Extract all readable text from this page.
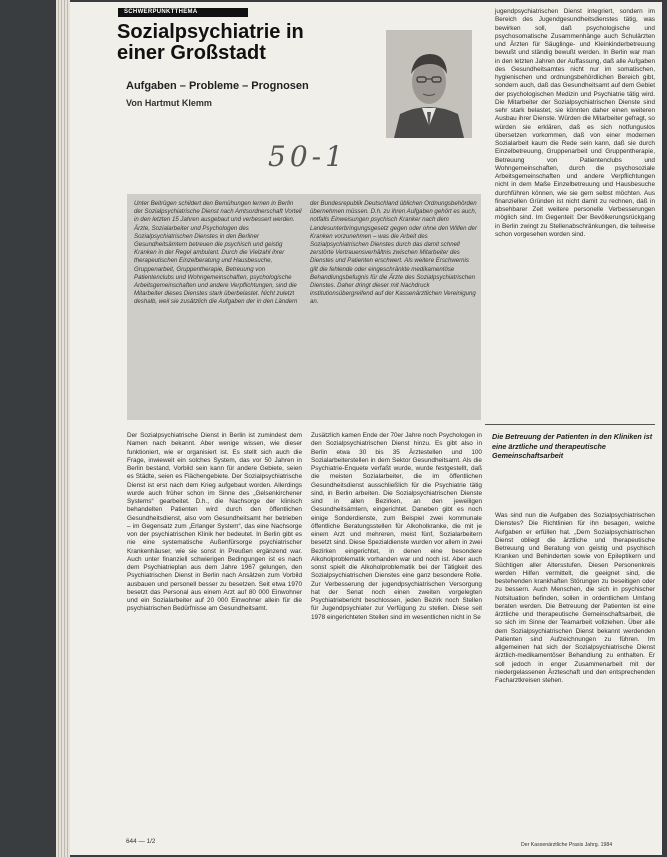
SCHWERPUNKTTHEMA
Sozialpsychiatrie in einer Großstadt

Aufgaben – Probleme – Prognosen

Von Hartmut Klemm

50-1

Unter Beitrügen schildert den Bemühungen lernen in Berlin der Sozialpsychiatrische Dienst nach Amtsordnerschaft Vorteil in den letzten 15 Jahren ausgebaut und verbessert werden. Ärzte, Sozialarbeiter und Psychologen des Sozialpsychiatrischen Dienstes in den Berliner Gesundheitsämtern betreuen die psychisch und geistig Kranken in der Regel ambulant. Durch die Vielzahl ihrer therapeutischen Einzelberatung und Hausbesuche, Gruppenarbeit, Gruppentherapie, Betreuung von Patientenclubs und Wohngemeinschaften, psychologische Arbeitsgemeinschaften und andere Verpflichtungen, sind die Mitarbeiter dieses Dienstes stark überbelastet. Nicht zuletzt deshalb, weil sie zusätzlich die Aufgaben der in den Ländern der Bundesrepublik Deutschland üblichen Ordnungsbehörden übernehmen müssen. D.h. zu ihren Aufgaben gehört es auch, notfalls Einweisungen psychisch Kranker nach dem Landesunterbringungsgesetz gegen oder ohne den Willen der Kranken vorzunehmen – was die Arbeit des Sozialpsychiatrischen Dienstes durch das damit schnell zerstörte Vertrauensverhältnis zwischen Mitarbeiter des Dienstes und Patienten erschwert. Als weitere Erschwernis gilt die fehlende oder eingeschränkte medikamentöse Behandlungsbefugnis für die Ärzte des Sozialpsychiatrischen Dienstes. Daher dringt dieser mit Nachdruck institutionsübergreifend auf der Kassenärztlichen Vereinigung an.

Der Sozialpsychiatrische Dienst in Berlin ist zumindest dem Namen nach bekannt. Aber wenige wissen, wie dieser funktioniert, wie er organisiert ist. Es stellt sich auch die Frage, inwieweit ein solches System, das vor 50 Jahren in Berlin bestand, Vorbild sein kann für andere Gebiete, seien es Städte, seien es Flächengebiete. Der Sozialpsychiatrische Dienst ist erst nach dem Krieg aufgebaut worden. Allerdings wurde auch früher schon im Sinne des „Gelsenkirchener Systems“ gearbeitet. D.h., die Nachsorge der klinisch behandelten Patienten wird durch den öffentlichen Gesundheitsdienst, also vom Gesundheitsamt her betrieben – im Gegensatz zum „Erlanger System“, das eine Nachsorge von der psychiatrischen Klinik her bedeutet. In Berlin gibt es nie eine systematische Außenfürsorge psychiatrischer Krankenhäuser, wie sie sonst in Preußen ergänzend war. Auch unter finanziell schwierigen Bedingungen ist es nach dem Psychiatrieplan aus dem Jahre 1967 gelungen, den Psychiatrischen Dienst in Berlin nach Ansätzen zum Vorbild ausbauen und personell besser zu besetzen. Seit etwa 1970 besetzt das Personal aus einem Arzt auf 80 000 Einwohner und ein Sozialarbeiter auf 20 000 Einwohner allein für die psychiatrischen Bedürfnisse am Gesundheitsamt.

Zusätzlich kamen Ende der 70er Jahre noch Psychologen in den Sozialpsychiatrischen Dienst hinzu. Es gibt also in Berlin etwa 30 bis 35 Ärztestellen und 100 Sozialarbeiterstellen in dem Sektor Gesundheitsamt. Als die Psychiatrie-Enquete verfaßt wurde, wurde festgestellt, daß die meisten Sozialarbeiter, die im öffentlichen Gesundheitsdienst ausschließlich für die Psychiatrie tätig sind, in Berlin arbeiten. Die Sozialpsychiatrischen Dienste sind in allen Bezirken, an den jeweiligen Gesundheitsämtern, eingerichtet. Daneben gibt es noch einige Sonderdienste, zum Beispiel zwei kommunale öffentliche Beratungsstellen für Alkoholkranke, die mit je einem Arzt und mehreren, meist fünf, Sozialarbeitern besetzt sind. Diese Spezialdienste wurden vor allem in zwei Bezirken eingerichtet, in denen eine besondere Alkoholproblematik vorhanden war und noch ist. Aber auch sonst spielt die Alkoholproblematik bei der Tätigkeit des Sozialpsychiatrischen Dienstes eine ganz besondere Rolle. Zur Verbesserung der jugendpsychiatrischen Versorgung hat der Senat noch einen zweiten vorgelegten Psychiatriebericht beschlossen, jeden Bezirk noch Stellen für Jugendpsychiater zur Verfügung zu stellen. Diese seit 1978 eingerichteten Stellen sind im wesentlichen nicht in Se

jugendpsychiatrischen Dienst integriert, sondern im Bereich des Jugendgesundheitsdienstes tätig, was bewirken soll, daß psychologische und psychosomatische Zusammenhänge auch Schulärzten und Ärzten für Säuglinge- und Kleinkinderbetreuung bewußt und ständig bewußt werden. In Berlin war man in den letzten Jahren der Auffassung, daß alle Aufgaben des Gesundheitsamtes nicht nur im somatischen, hygienischen und ordnungsbehördlichen Bereich gibt, sondern auch, daß das Gesundheitsamt auf dem Gebiet der psychologischen Medizin und Psychiatrie tätig wird. Die Mitarbeiter der Sozialpsychiatrischen Dienste sind sehr stark belastet, sie könnten daher einen weiteren Ausbau ihrer Dienste. Würden die Mitarbeiter gefragt, so würden sie erklären, daß es sich notfunguslos übersetzen vorkommen, daß von einer modernen Sozialarbeit kaum die Rede sein kann, daß sie durch Einzelbetreuung, Gruppenarbeit und Gruppentherapie, Betreuung von Patientenclubs und Wohngemeinschaften, durch die psychosoziale Arbeitsgemeinschaften und andere Verpflichtungen nicht in dem Maße Einzelbetreuung und Hausbesuche durchführen können, wie sie gern selbst möchten. Aus finanziellen Gründen ist nicht damit zu rechnen, daß in absehbarer Zeit weitere personelle Verbesserungen möglich sind. Im Gegenteil: Der Bevölkerungsrückgang in Berlin zwingt zu Stellenabschränkungen, die teilweise schon vorgesehen worden sind.

Die Betreuung der Patienten in den Kliniken ist eine ärztliche und therapeutische Gemeinschaftsarbeit

Was sind nun die Aufgaben des Sozialpsychiatrischen Dienstes? Die Richtlinien für ihn besagen, welche Aufgaben er erfüllen hat. „Dem Sozialpsychiatrischen Dienst obliegt die ärztliche und therapeutische Betreuung und Beratung von geistig und psychisch Kranken und Behinderten sowie von Epileptikern und Süchtigen aller Altersstufen. Diesen Personenkreis werden Hilfen vermittelt, die geeignet sind, die bestehenden krankhaften Störungen zu beseitigen oder zu bessern. Auch Menschen, die sich in psychischer Notsituation befinden, sollen in ordentlichem Umfang beraten werden. Die Betreuung der Patienten ist eine ärztliche und therapeutische Gemeinschaftsarbeit, die so sich im Sinne der Teamarbeit vollziehen. Über alle dem Sozialpsychiatrischen Dienst bekannt werdenden Patienten sind Aufzeichnungen zu führen. Im allgemeinen hat sich der Sozialpsychiatrische Dienst ärztlich-medikamentöser Behandlung zu enthalten. Er soll jedoch in enger Zusammenarbeit mit der niedergelassenen Ärzteschaft und den entsprechenden Facharztkreisen stehen.

644 — 1/2	Der Kassenärztliche Praxis Jahrg. 1984
